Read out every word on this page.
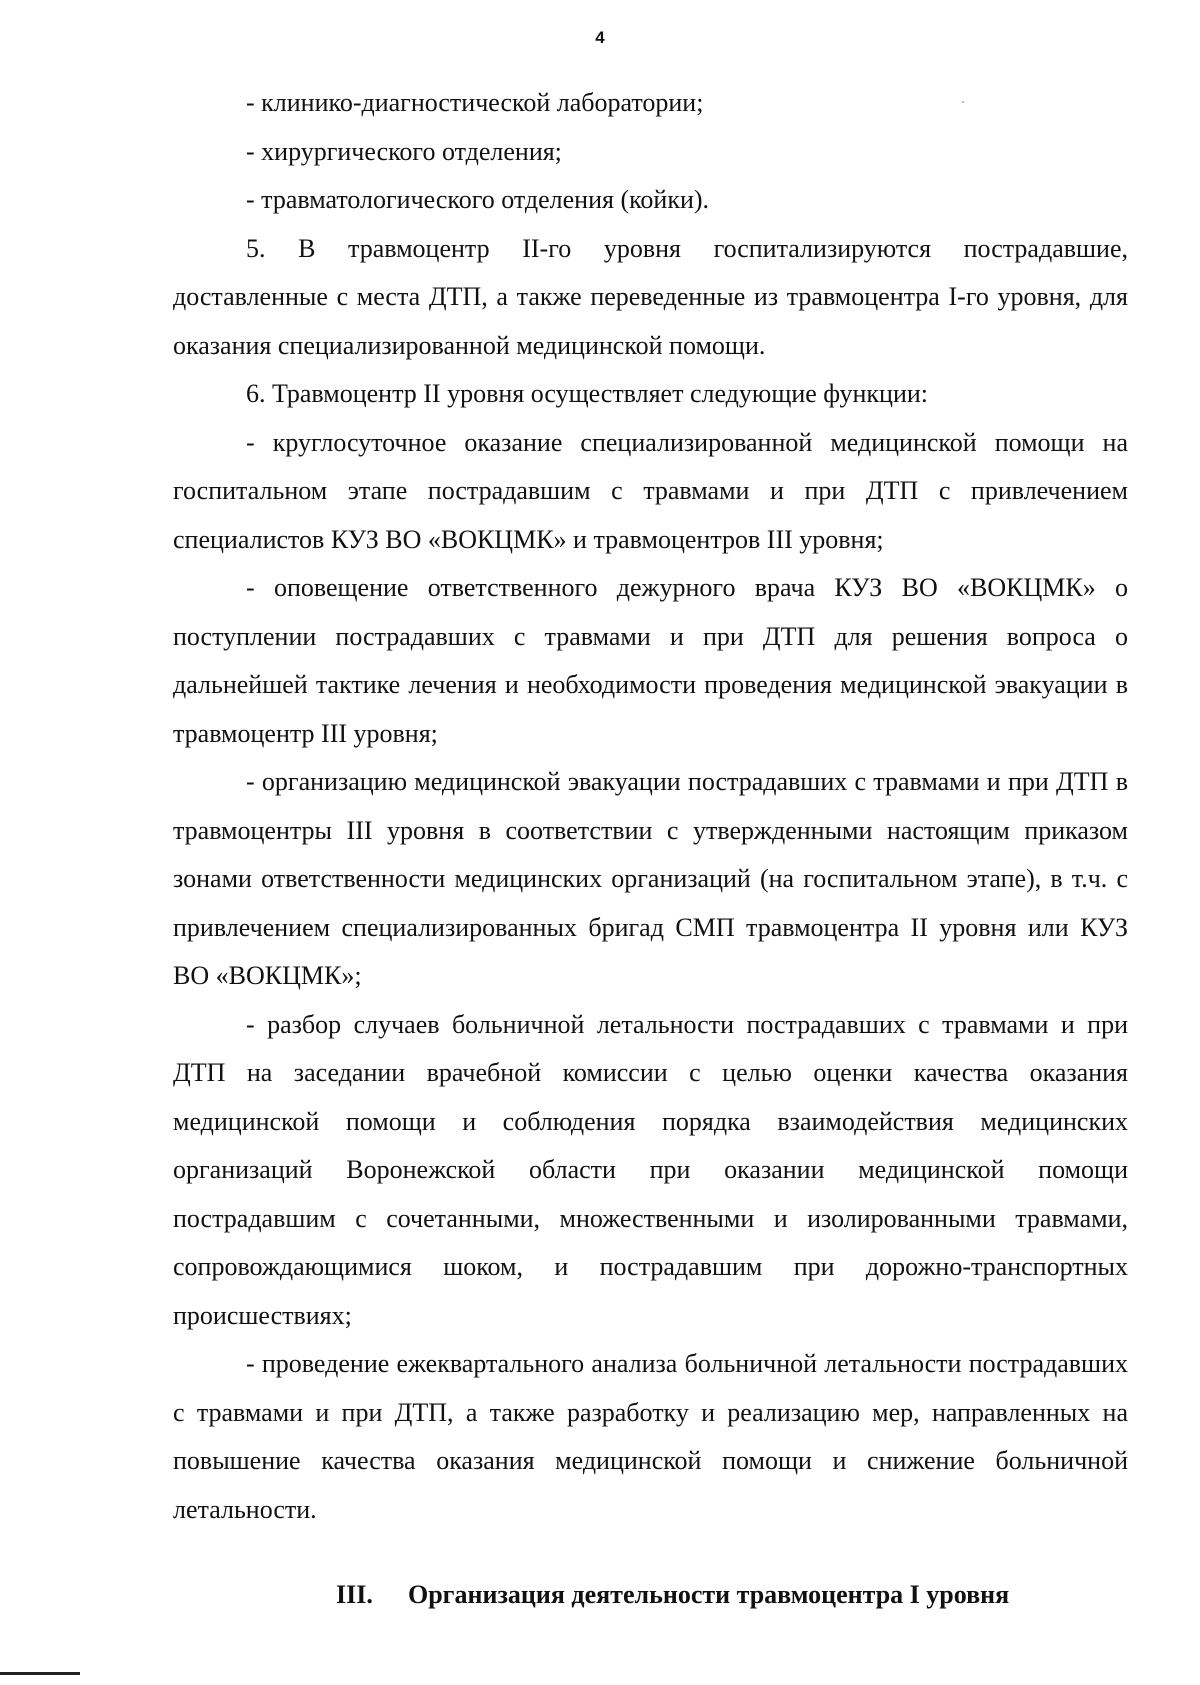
4

- клинико-диагностической лаборатории;

- хирургического отделения;

- травматологического отделения (койки).

5. В травмоцентр II-го уровня госпитализируются пострадавшие, доставленные с места ДТП, а также переведенные из травмоцентра I-го уровня, для оказания специализированной медицинской помощи.

6. Травмоцентр II уровня осуществляет следующие функции:

- круглосуточное оказание специализированной медицинской помощи на госпитальном этапе пострадавшим с травмами и при ДТП с привлечением специалистов КУЗ ВО «ВОКЦМК» и травмоцентров III уровня;

- оповещение ответственного дежурного врача КУЗ ВО «ВОКЦМК» о поступлении пострадавших с травмами и при ДТП для решения вопроса о дальнейшей тактике лечения и необходимости проведения медицинской эвакуации в травмоцентр III уровня;

- организацию медицинской эвакуации пострадавших с травмами и при ДТП в травмоцентры III уровня в соответствии с утвержденными настоящим приказом зонами ответственности медицинских организаций (на госпитальном этапе), в т.ч. с привлечением специализированных бригад СМП травмоцентра II уровня или КУЗ ВО «ВОКЦМК»;

- разбор случаев больничной летальности пострадавших с травмами и при ДТП на заседании врачебной комиссии с целью оценки качества оказания медицинской помощи и соблюдения порядка взаимодействия медицинских организаций Воронежской области при оказании медицинской помощи пострадавшим с сочетанными, множественными и изолированными травмами, сопровождающимися шоком, и пострадавшим при дорожно-транспортных происшествиях;

- проведение ежеквартального анализа больничной летальности пострадавших с травмами и при ДТП, а также разработку и реализацию мер, направленных на повышение качества оказания медицинской помощи и снижение больничной летальности.

III. Организация деятельности травмоцентра I уровня
